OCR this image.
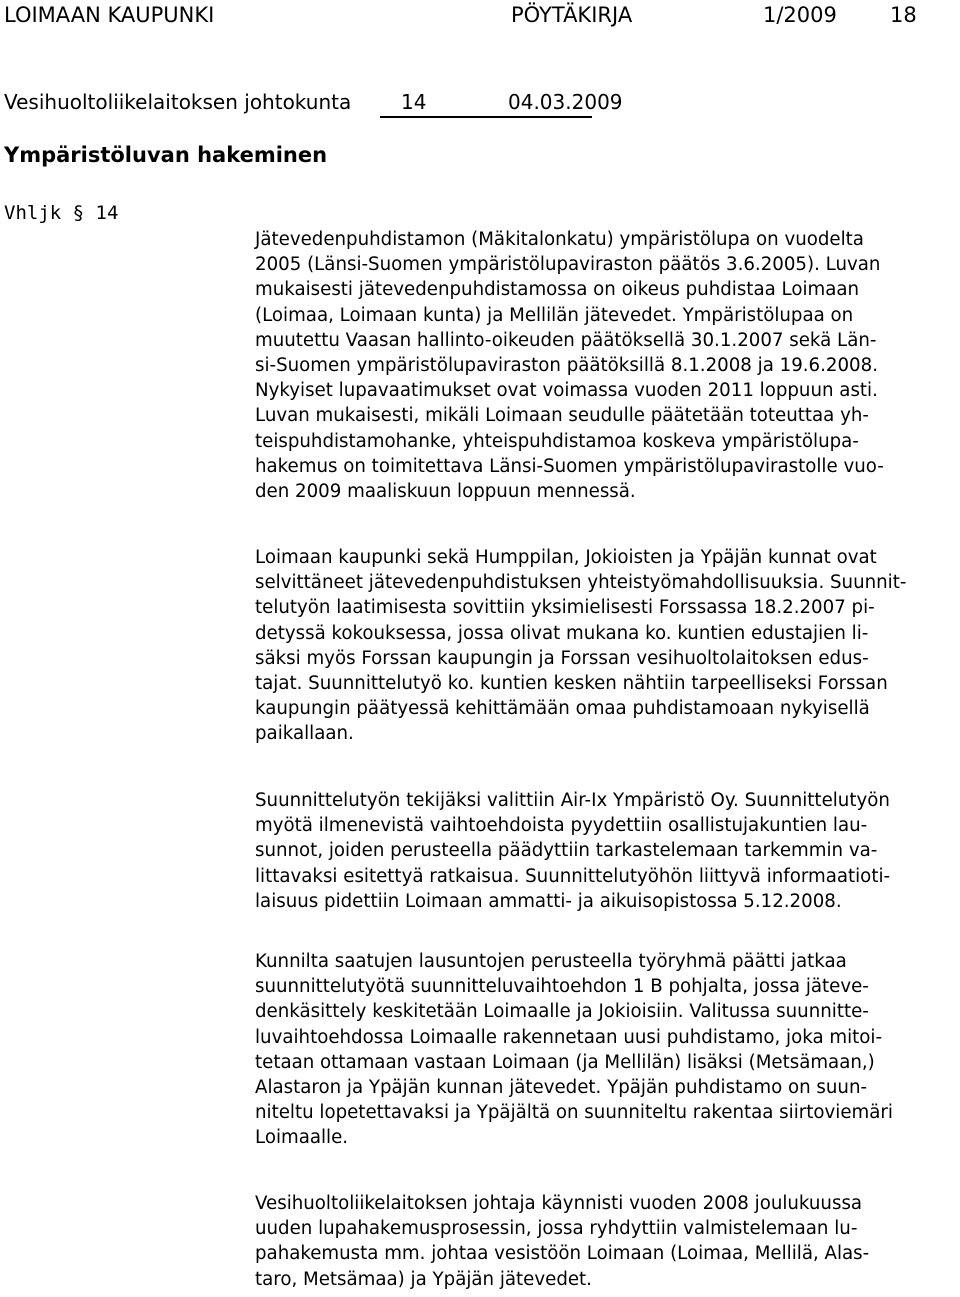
LOIMAAN KAUPUNKI	PÖYTÄKIRJA	1/2009	18
Vesihuoltoliikelaitoksen johtokunta 14	04.03.2009
Ympäristöluvan hakeminen
Vhljk § 14
Jätevedenpuhdistamon (Mäkitalonkatu) ympäristölupa on vuodelta
2005 (Länsi-Suomen ympäristölupaviraston päätös 3.6.2005). Luvan
mukaisesti jätevedenpuhdistamossa on oikeus puhdistaa Loimaan
(Loimaa, Loimaan kunta) ja Mellilän jätevedet. Ympäristölupaa on
muutettu Vaasan hallinto-oikeuden päätöksellä 30.1.2007 sekä Län-
si-Suomen ympäristölupaviraston päätöksillä 8.1.2008 ja 19.6.2008.
Nykyiset lupavaatimukset ovat voimassa vuoden 2011 loppuun asti.
Luvan mukaisesti, mikäli Loimaan seudulle päätetään toteuttaa yh-
teispuhdistamohanke, yhteispuhdistamoa koskeva ympäristölupa-
hakemus on toimitettava Länsi-Suomen ympäristölupavirastolle vuo-
den 2009 maaliskuun loppuun mennessä.
Loimaan kaupunki sekä Humppilan, Jokioisten ja Ypäjän kunnat ovat
selvittäneet jätevedenpuhdistuksen yhteistyömahdollisuuksia. Suunnit-
telutyön laatimisesta sovittiin yksimielisesti Forssassa 18.2.2007 pi-
detyssä kokouksessa, jossa olivat mukana ko. kuntien edustajien li-
säksi myös Forssan kaupungin ja Forssan vesihuoltolaitoksen edus-
tajat. Suunnittelutyö ko. kuntien kesken nähtiin tarpeelliseksi Forssan
kaupungin päätyessä kehittämään omaa puhdistamoaan nykyisellä
paikallaan.
Suunnittelutyön tekijäksi valittiin Air-Ix Ympäristö Oy. Suunnittelutyön
myötä ilmenevistä vaihtoehdoista pyydettiin osallistujakuntien lau-
sunnot, joiden perusteella päädyttiin tarkastelemaan tarkemmin va-
littavaksi esitettyä ratkaisua. Suunnittelutyöhön liittyvä informaatioti-
laisuus pidettiin Loimaan ammatti- ja aikuisopistossa 5.12.2008.
Kunnilta saatujen lausuntojen perusteella työryhmä päätti jatkaa
suunnittelutyötä suunnitteluvaihtoehdon 1 B pohjalta, jossa jäteve-
denkäsittely keskitetään Loimaalle ja Jokioisiin. Valitussa suunnitte-
luvaihtoehdossa Loimaalle rakennetaan uusi puhdistamo, joka mitoi-
tetaan ottamaan vastaan Loimaan (ja Mellilän) lisäksi (Metsämaan,)
Alastaron ja Ypäjän kunnan jätevedet. Ypäjän puhdistamo on suun-
niteltu lopetettavaksi ja Ypäjältä on suunniteltu rakentaa siirtoviemäri
Loimaalle.
Vesihuoltoliikelaitoksen johtaja käynnisti vuoden 2008 joulukuussa
uuden lupahakemusprosessin, jossa ryhdyttiin valmistelemaan lu-
pahakemusta mm. johtaa vesistöön Loimaan (Loimaa, Mellilä, Alas-
taro, Metsämaa) ja Ypäjän jätevedet.
